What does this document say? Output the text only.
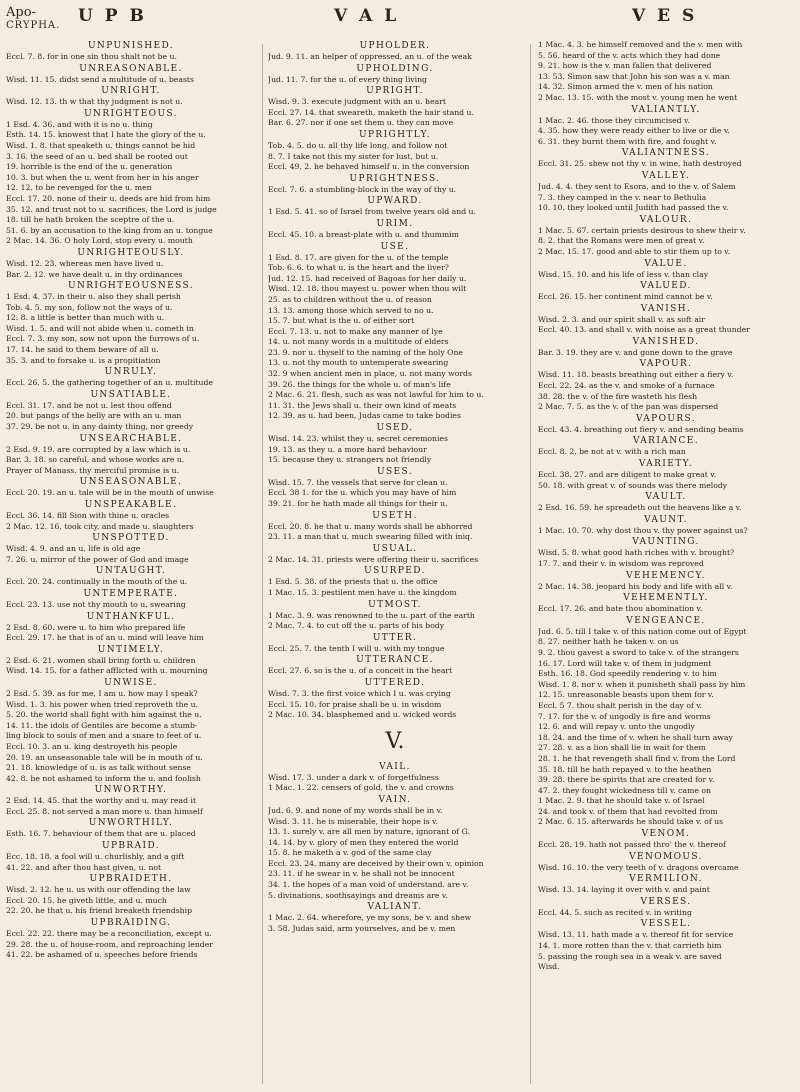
Apo-
CRYPHA. U P B	V A L	V E S
UNPUNISHED.
Eccl. 7. 8. for in one sin thou shalt not be u.
UNREASONABLE.
Wisd. 11. 15. didst send a multitude of u. beasts
UNRIGHT.
Wisd. 12. 13. th w that thy judgment is not u.
UNRIGHTEOUS.
1 Esd. 4. 36. and with it is no u. thing
Esth. 14. 15. knowest that I hate the glory of the u.
Wisd. 1. 8. that speaketh u. things cannot be hid
3. 16. the seed of an u. bed shall be rooted out
19. horrible is the end of the u. generation
10. 3. but when the u. went from her in his anger
12. 12. to be revenged for the u. men
Eccl. 17. 20. none of their u. deeds are hid from him
35. 12. and trust not to u. sacrifices, the Lord is judge
18. till he hath broken the sceptre of the u.
51. 6. by an accusation to the king from an u. tongue
2 Mac. 14. 36. O holy Lord, stop every u. mouth
UNRIGHTEOUSLY.
Wisd. 12. 23. whereas men have lived u.
Bar. 2. 12. we have dealt u. in thy ordinances
UNRIGHTEOUSNESS.
1 Esd. 4. 37. in their u. also they shall perish
Tob. 4. 5. my son, follow not the ways of u.
12. 8. a little is better than much with u.
Wisd. 1. 5. and will not abide when u. cometh in
Eccl. 7. 3. my son, sow not upon the furrows of u.
17. 14. he said to them beware of all u.
35. 3. and to forsake u. is a propitiation
UNRULY.
Eccl. 26. 5. the gathering together of an u. multitude
UNSATIABLE.
Eccl. 31. 17. and be not u. lest thou offend
20. but pangs of the belly are with an u. man
37. 29. be not u. in any dainty thing, nor greedy
UNSEARCHABLE.
2 Esd. 9. 19. are corrupted by a law which is u.
Bar. 3. 18. so careful, and whose works are u.
Prayer of Manass. thy merciful promise is u.
UNSEASONABLE.
Eccl. 20. 19. an u. tale will be in the mouth of unwise
UNSPEAKABLE.
Eccl. 36. 14. fill Sion with thine u. oracles
2 Mac. 12. 16. took city, and made u. slaughters
UNSPOTTED.
Wisd. 4. 9. and an u. life is old age
7. 26. u. mirror of the power of God and image
UNTAUGHT.
Eccl. 20. 24. continually in the mouth of the u.
UNTEMPERATE.
Eccl. 23. 13. use not thy mouth to u. swearing
UNTHANKFUL.
2 Esd. 8. 60. were u. to him who prepared life
Eccl. 29. 17. he that is of an u. mind will leave him
UNTIMELY.
2 Esd. 6. 21. women shall bring forth u. children
Wisd. 14. 15. for a father afflicted with u. mourning
UNWISE.
2 Esd. 5. 39. as for me, I am u. how may I speak?
Wisd. 1. 3. his power when tried reproveth the u.
5. 20. the world shall fight with him against the u.
14. 11. the idols of Gentiles are become a stumb-
ling block to souls of men and a snare to feet of u.
Eccl. 10. 3. an u. king destroyeth his people
20. 19. an unseasonable tale will be in mouth of u.
21. 18. knowledge of u. is as talk without sense
42. 8. be not ashamed to inform the u. and foolish
UNWORTHY.
2 Esd. 14. 45. that the worthy and u. may read it
Eccl. 25. 8. not served a man more u. than himself
UNWORTHILY.
Esth. 16. 7. behaviour of them that are u. placed
UPBRAID.
Ecc. 18. 18. a fool will u. churlishly, and a gift
41. 22. and after thou hast given, u. not
UPBRAIDETH.
Wisd. 2. 12. he u. us with our offending the law
Eccl. 20. 15. he giveth little, and u. much
22. 20. he that u. his friend breaketh friendship
UPBRAIDING.
Eccl. 22. 22. there may be a reconciliation, except u.
29. 28. the u. of house-room, and reproaching lender
41. 22. be ashamed of u. speeches before friends
UPHOLDER.
Jud. 9. 11. an helper of oppressed, an u. of the weak
UPHOLDING.
Jud. 11. 7. for the u. of every thing living
UPRIGHT.
Wisd. 9. 3. execute judgment with an u. heart
Eccl. 27. 14. that sweareth, maketh the hair stand u.
Bar. 6. 27. nor if one set them u. they can move
UPRIGHTLY.
Tob. 4. 5. do u. all thy life long, and follow not
8. 7. I take not this my sister for lust, but u.
Eccl. 49. 2. he behaved himself u. in the conversion
UPRIGHTNESS.
Eccl. 7. 6. a stumbling-block in the way of thy u.
UPWARD.
1 Esd. 5. 41. so of Israel from twelve years old and u.
URIM.
Eccl. 45. 10. a breast-plate with u. and thummim
USE.
1 Esd. 8. 17. are given for the u. of the temple
Tob. 6. 6. to what u. is the heart and the liver?
Jud. 12. 15. had received of Bagoas for her daily u.
Wisd. 12. 18. thou mayest u. power when thou wilt
25. as to children without the u. of reason
13. 13. among those which served to no u.
15. 7. but what is the u. of either sort
Eccl. 7. 13. u. not to make any manner of lye
14. u. not many words in a multitude of elders
23. 9. nor u. thyself to the naming of the holy One
13. u. not thy mouth to untemperate swearing
32. 9 when ancient men in place, u. not many words
39. 26. the things for the whole u. of man's life
2 Mac. 6. 21. flesh, such as was not lawful for him to u.
11. 31. the Jews shall u. their own kind of meats
12. 39. as u. had been, Judas came to take bodies
USED.
Wisd. 14. 23. whilst they u. secret ceremonies
19. 13. as they u. a more hard behaviour
15. because they u. strangers not friendly
USES.
Wisd. 15. 7. the vessels that serve for clean u.
Eccl. 38 1. for the u. which you may have of him
39. 21. for he hath made all things for their u.
USETH.
Eccl. 20. 8. he that u. many words shall be abhorred
23. 11. a man that u. much swearing filled with iniq.
USUAL.
2 Mac. 14. 31. priests were offering their u. sacrifices
USURPED.
1 Esd. 5. 38. of the priests that u. the office
1 Mac. 15. 3. pestilent men have u. the kingdom
UTMOST.
1 Mac. 3. 9. was renowned to the u. part of the earth
2 Mac. 7. 4. to cut off the u. parts of his body
UTTER.
Eccl. 25. 7. the tenth I will u. with my tongue
UTTERANCE.
Eccl. 27. 6. so is the u. of a conceit in the heart
UTTERED.
Wisd. 7. 3. the first voice which I u. was crying
Eccl. 15. 10. for praise shall be u. in wisdom
2 Mac. 10. 34. blasphemed and u. wicked words
V.
VAIL.
Wisd. 17. 3. under a dark v. of forgetfulness
1 Mac. 1. 22. censers of gold, the v. and crowns
VAIN.
Jud. 6. 9. and none of my words shall be in v.
Wisd. 3. 11. he is miserable, their hope is v.
13. 1. surely v. are all men by nature, ignorant of G.
14. 14. by v. glory of men they entered the world
15. 8. he maketh a v. god of the same clay
Eccl. 23. 24. many are deceived by their own v. opinion
23. 11. if he swear in v. he shall not be innocent
34. 1. the hopes of a man void of understand. are v.
5. divinations, soothsayings and dreams are v.
VALIANT.
1 Mac. 2. 64. wherefore, ye my sons, be v. and shew
3. 58. Judas said, arm yourselves, and be v. men
1 Mac. 4. 3. he himself removed and the v. men with
5. 56. heard of the v. acts which they had done
9. 21. how is the v. man fallen that delivered
13. 53. Simon saw that John his son was a v. man
14. 32. Simon armed the v. men of his nation
2 Mac. 13. 15. with the most v. young men he went
VALIANTLY.
1 Mac. 2. 46. those they circumcised v.
4. 35. how they were ready either to live or die v.
6. 31. they burnt them with fire, and fought v.
VALIANTNESS.
Eccl. 31. 25. shew not thy v. in wine, hath destroyed
VALLEY.
Jud. 4. 4. they sent to Esora, and to the v. of Salem
7. 3. they camped in the v. near to Bethulia
10. 10. they looked until Judith had passed the v.
VALOUR.
1 Mac. 5. 67. certain priests desirous to shew their v.
8. 2. that the Romans were men of great v.
2 Mac. 15. 17. good and able to stir them up to v.
VALUE.
Wisd. 15. 10. and his life of less v. than clay
VALUED.
Eccl. 26. 15. her continent mind cannot be v.
VANISH.
Wisd. 2. 3. and our spirit shall v. as soft air
Eccl. 40. 13. and shall v. with noise as a great thunder
VANISHED.
Bar. 3. 19. they are v. and gone down to the grave
VAPOUR.
Wisd. 11. 18. beasts breathing out either a fiery v.
Eccl. 22. 24. as the v. and smoke of a furnace
38. 28. the v. of the fire wasteth his flesh
2 Mac. 7. 5. as the v. of the pan was dispersed
VAPOURS.
Eccl. 43. 4. breathing out fiery v. and sending beams
VARIANCE.
Eccl. 8. 2. be not at v. with a rich man
VARIETY.
Eccl. 38. 27. and are diligent to make great v.
50. 18. with great v. of sounds was there melody
VAULT.
2 Esd. 16. 59. he spreadeth out the heavens like a v.
VAUNT.
1 Mac. 10. 70. why dost thou v. thy power against us?
VAUNTING.
Wisd. 5. 8. what good hath riches with v. brought?
17. 7. and their v. in wisdom was reproved
VEHEMENCY.
2 Mac. 14. 38. jeopard his body and life with all v.
VEHEMENTLY.
Eccl. 17. 26. and hate thou abomination v.
VENGEANCE.
Jud. 6. 5. till I take v. of this nation come out of Egypt
8. 27. neither hath he taken v. on us
9. 2. thou gavest a sword to take v. of the strangers
16. 17. Lord will take v. of them in judgment
Esth. 16. 18. God speedily rendering v. to him
Wisd. 1. 8. nor v. when it punisheth shall pass by him
12. 15. unreasonable beasts upon them for v.
Eccl. 5 7. thou shalt perish in the day of v.
7. 17. for the v. of ungodly is fire and worms
12. 6. and will repay v. unto the ungodly
18. 24. and the time of v. when he shall turn away
27. 28. v. as a lion shall lie in wait for them
28. 1. he that revengeth shall find v. from the Lord
35. 18. till he hath repayed v. to the heathen
39. 28. there be spirits that are created for v.
47. 2. they fought wickedness till v. came on
1 Mac. 2. 9. that he should take v. of Israel
24. and took v. of them that had revolted from
2 Mac. 6. 15. afterwards he should take v. of us
VENOM.
Eccl. 28. 19. hath not passed thro' the v. thereof
VENOMOUS.
Wisd. 16. 10. the very teeth of v. dragons overcame
VERMILION.
Wisd. 13. 14. laying it over with v. and paint
VERSES.
Eccl. 44. 5. such as recited v. in writing
VESSEL.
Wisd. 13. 11. hath made a v. thereof fit for service
14. 1. more rotten than the v. that carrieth him
5. passing the rough sea in a weak v. are saved
Wisd.
